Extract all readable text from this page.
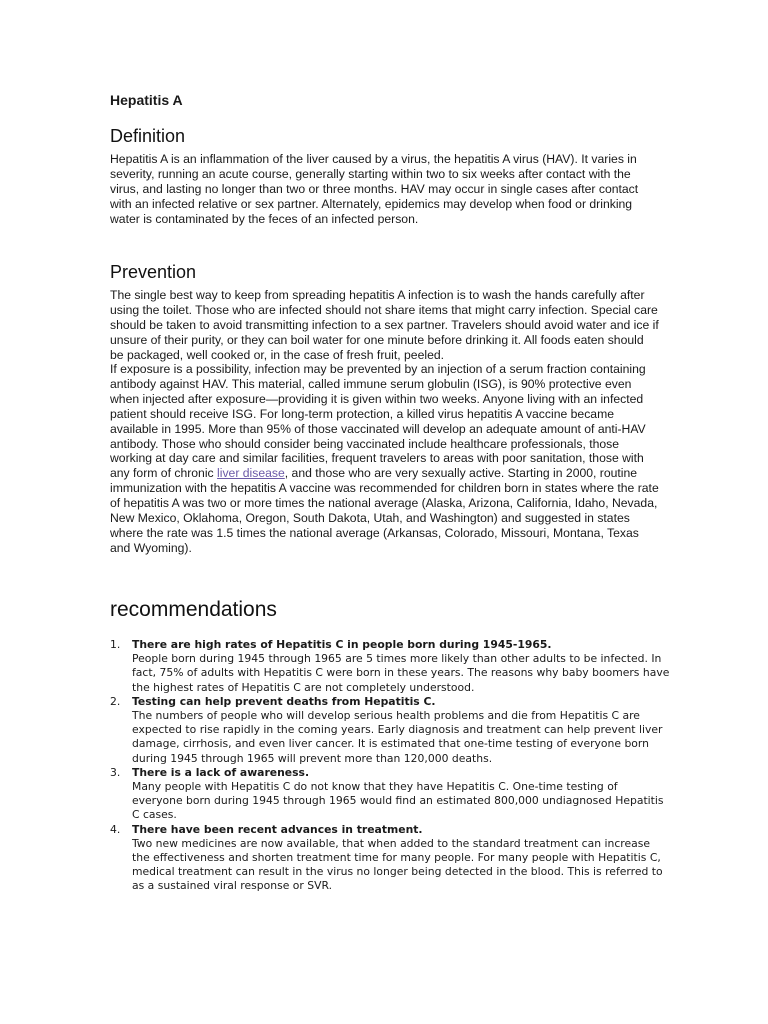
Hepatitis A
Definition

Hepatitis A is an inflammation of the liver caused by a virus, the hepatitis A virus (HAV). It varies in severity, running an acute course, generally starting within two to six weeks after contact with the virus, and lasting no longer than two or three months. HAV may occur in single cases after contact with an infected relative or sex partner. Alternately, epidemics may develop when food or drinking water is contaminated by the feces of an infected person.

Prevention

The single best way to keep from spreading hepatitis A infection is to wash the hands carefully after using the toilet. Those who are infected should not share items that might carry infection. Special care should be taken to avoid transmitting infection to a sex partner. Travelers should avoid water and ice if unsure of their purity, or they can boil water for one minute before drinking it. All foods eaten should be packaged, well cooked or, in the case of fresh fruit, peeled.

If exposure is a possibility, infection may be prevented by an injection of a serum fraction containing antibody against HAV. This material, called immune serum globulin (ISG), is 90% protective even when injected after exposure—providing it is given within two weeks. Anyone living with an infected patient should receive ISG. For long-term protection, a killed virus hepatitis A vaccine became available in 1995. More than 95% of those vaccinated will develop an adequate amount of anti-HAV antibody. Those who should consider being vaccinated include healthcare professionals, those working at day care and similar facilities, frequent travelers to areas with poor sanitation, those with any form of chronic liver disease, and those who are very sexually active. Starting in 2000, routine immunization with the hepatitis A vaccine was recommended for children born in states where the rate of hepatitis A was two or more times the national average (Alaska, Arizona, California, Idaho, Nevada, New Mexico, Oklahoma, Oregon, South Dakota, Utah, and Washington) and suggested in states where the rate was 1.5 times the national average (Arkansas, Colorado, Missouri, Montana, Texas and Wyoming).

recommendations
1. There are high rates of Hepatitis C in people born during 1945-1965.
People born during 1945 through 1965 are 5 times more likely than other adults to be infected. In fact, 75% of adults with Hepatitis C were born in these years. The reasons why baby boomers have the highest rates of Hepatitis C are not completely understood.
2. Testing can help prevent deaths from Hepatitis C.
The numbers of people who will develop serious health problems and die from Hepatitis C are expected to rise rapidly in the coming years. Early diagnosis and treatment can help prevent liver damage, cirrhosis, and even liver cancer. It is estimated that one-time testing of everyone born during 1945 through 1965 will prevent more than 120,000 deaths.
3. There is a lack of awareness.
Many people with Hepatitis C do not know that they have Hepatitis C. One-time testing of everyone born during 1945 through 1965 would find an estimated 800,000 undiagnosed Hepatitis C cases.
4. There have been recent advances in treatment.
Two new medicines are now available, that when added to the standard treatment can increase the effectiveness and shorten treatment time for many people. For many people with Hepatitis C, medical treatment can result in the virus no longer being detected in the blood. This is referred to as a sustained viral response or SVR.
